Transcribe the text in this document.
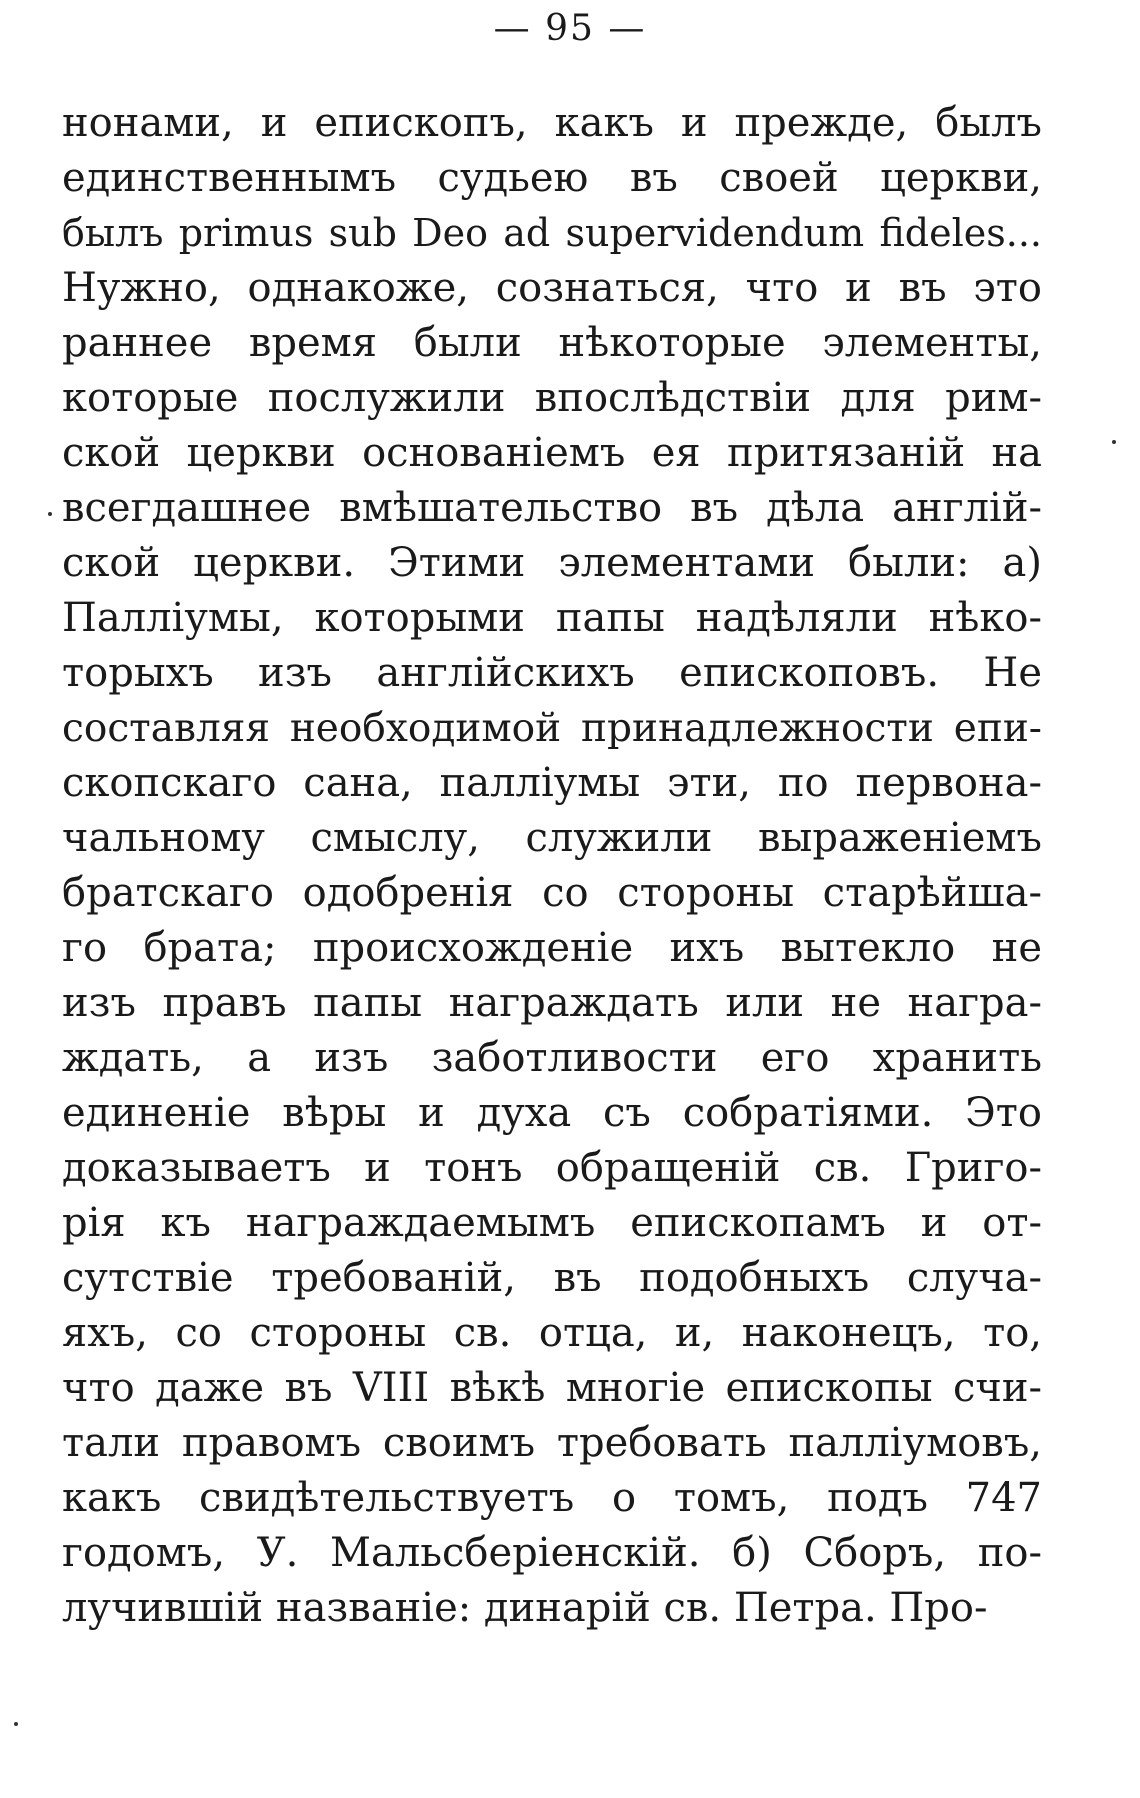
— 95 —
нонами, и епископъ, какъ и прежде, былъ
единственнымъ судьею въ своей церкви,
былъ primus sub Deo ad supervidendum fideles...
Нужно, однакоже, сознаться, что и въ это
раннее время были нѣкоторые элементы,
которые послужили впослѣдствіи для рим-
ской церкви основаніемъ ея притязаній на
всегдашнее вмѣшательство въ дѣла англій-
ской церкви. Этими элементами были: а)
Палліумы, которыми папы надѣляли нѣко-
торыхъ изъ англійскихъ епископовъ. Не
составляя необходимой принадлежности епи-
скопскаго сана, палліумы эти, по первона-
чальному смыслу, служили выраженіемъ
братскаго одобренія со стороны старѣйша-
го брата; происхожденіе ихъ вытекло не
изъ правъ папы награждать или не награ-
ждать, а изъ заботливости его хранить
единеніе вѣры и духа съ собратіями. Это
доказываетъ и тонъ обращеній св. Григо-
рія къ награждаемымъ епископамъ и от-
сутствіе требованій, въ подобныхъ случа-
яхъ, со стороны св. отца, и, наконецъ, то,
что даже въ VIII вѣкѣ многіе епископы счи-
тали правомъ своимъ требовать палліумовъ,
какъ свидѣтельствуетъ о томъ, подъ 747
годомъ, У. Мальсберіенскій. б) Сборъ, по-
лучившій названіе: динарій св. Петра. Про-
